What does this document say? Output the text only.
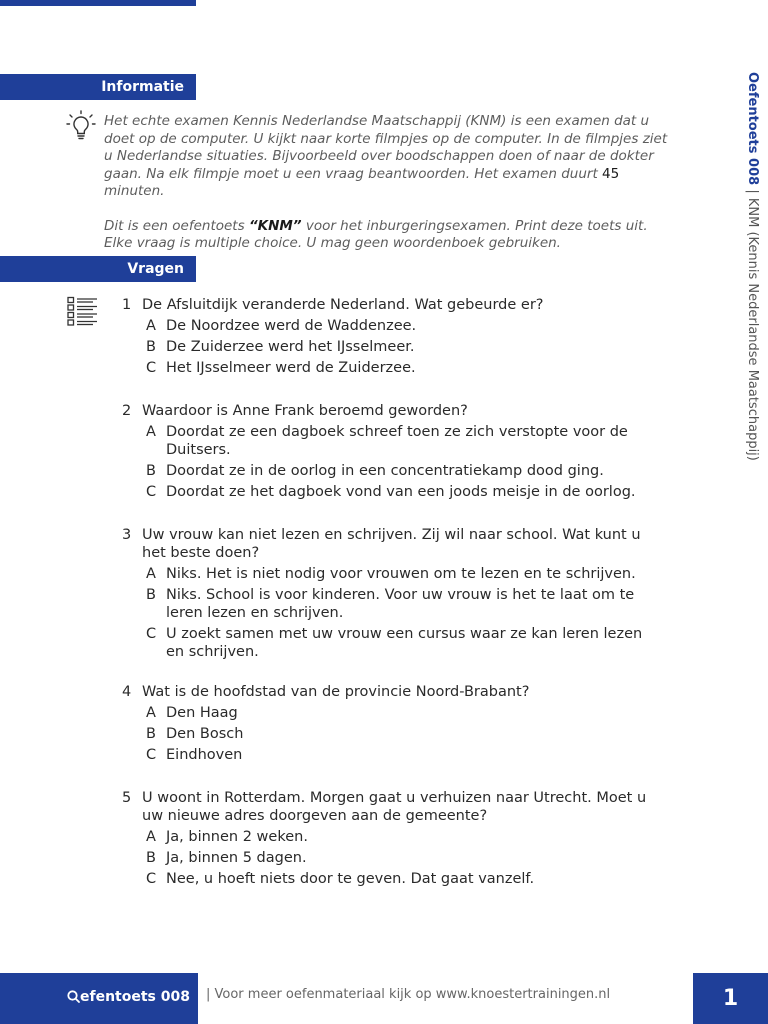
Informatie

Het echte examen Kennis Nederlandse Maatschappij (KNM) is een examen dat u doet op de computer. U kijkt naar korte filmpjes op de computer. In de filmpjes ziet u Nederlandse situaties. Bijvoorbeeld over boodschappen doen of naar de dokter gaan. Na elk filmpje moet u een vraag beantwoorden. Het examen duurt 45 minuten.

Dit is een oefentoets “KNM” voor het inburgeringsexamen. Print deze toets uit. Elke vraag is multiple choice. U mag geen woordenboek gebruiken.

Vragen
1 De Afsluitdijk veranderde Nederland. Wat gebeurde er?
A De Noordzee werd de Waddenzee.
B De Zuiderzee werd het IJsselmeer.
C Het IJsselmeer werd de Zuiderzee.
2 Waardoor is Anne Frank beroemd geworden?
A Doordat ze een dagboek schreef toen ze zich verstopte voor de Duitsers.
B Doordat ze in de oorlog in een concentratiekamp dood ging.
C Doordat ze het dagboek vond van een joods meisje in de oorlog.
3 Uw vrouw kan niet lezen en schrijven. Zij wil naar school. Wat kunt u het beste doen?
A Niks. Het is niet nodig voor vrouwen om te lezen en te schrijven.
B Niks. School is voor kinderen. Voor uw vrouw is het te laat om te leren lezen en schrijven.
C U zoekt samen met uw vrouw een cursus waar ze kan leren lezen en schrijven.
4 Wat is de hoofdstad van de provincie Noord-Brabant?
A Den Haag
B Den Bosch
C Eindhoven
5 U woont in Rotterdam. Morgen gaat u verhuizen naar Utrecht. Moet u uw nieuwe adres doorgeven aan de gemeente?
A Ja, binnen 2 weken.
B Ja, binnen 5 dagen.
C Nee, u hoeft niets door te geven. Dat gaat vanzelf.
Oefentoets 008 | KNM (Kennis Nederlandse Maatschappij)
efentoets 008 | Voor meer oefenmateriaal kijk op www.knoestertrainingen.nl	1
